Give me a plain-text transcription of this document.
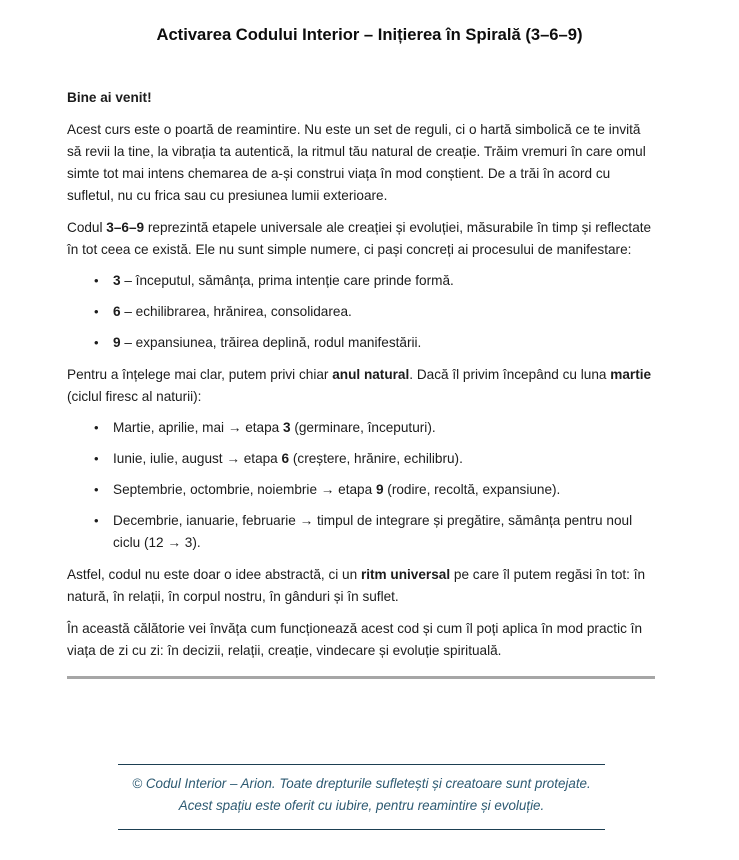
Activarea Codului Interior – Inițierea în Spirală (3–6–9)

Bine ai venit!

Acest curs este o poartă de reamintire. Nu este un set de reguli, ci o hartă simbolică ce te invită să revii la tine, la vibrația ta autentică, la ritmul tău natural de creație. Trăim vremuri în care omul simte tot mai intens chemarea de a-și construi viața în mod conștient. De a trăi în acord cu sufletul, nu cu frica sau cu presiunea lumii exterioare.

Codul 3–6–9 reprezintă etapele universale ale creației și evoluției, măsurabile în timp și reflectate în tot ceea ce există. Ele nu sunt simple numere, ci pași concreți ai procesului de manifestare:

• 3 – începutul, sămânța, prima intenție care prinde formă.
• 6 – echilibrarea, hrănirea, consolidarea.
• 9 – expansiunea, trăirea deplină, rodul manifestării.

Pentru a înțelege mai clar, putem privi chiar anul natural. Dacă îl privim începând cu luna martie (ciclul firesc al naturii):

• Martie, aprilie, mai → etapa 3 (germinare, începuturi).
• Iunie, iulie, august → etapa 6 (creștere, hrănire, echilibru).
• Septembrie, octombrie, noiembrie → etapa 9 (rodire, recoltă, expansiune).
• Decembrie, ianuarie, februarie → timpul de integrare și pregătire, sămânța pentru noul ciclu (12 → 3).

Astfel, codul nu este doar o idee abstractă, ci un ritm universal pe care îl putem regăsi în tot: în natură, în relații, în corpul nostru, în gânduri și în suflet.

În această călătorie vei învăța cum funcționează acest cod și cum îl poți aplica în mod practic în viața de zi cu zi: în decizii, relații, creație, vindecare și evoluție spirituală.

© Codul Interior – Arion. Toate drepturile sufletești și creatoare sunt protejate.

Acest spațiu este oferit cu iubire, pentru reamintire și evoluție.
